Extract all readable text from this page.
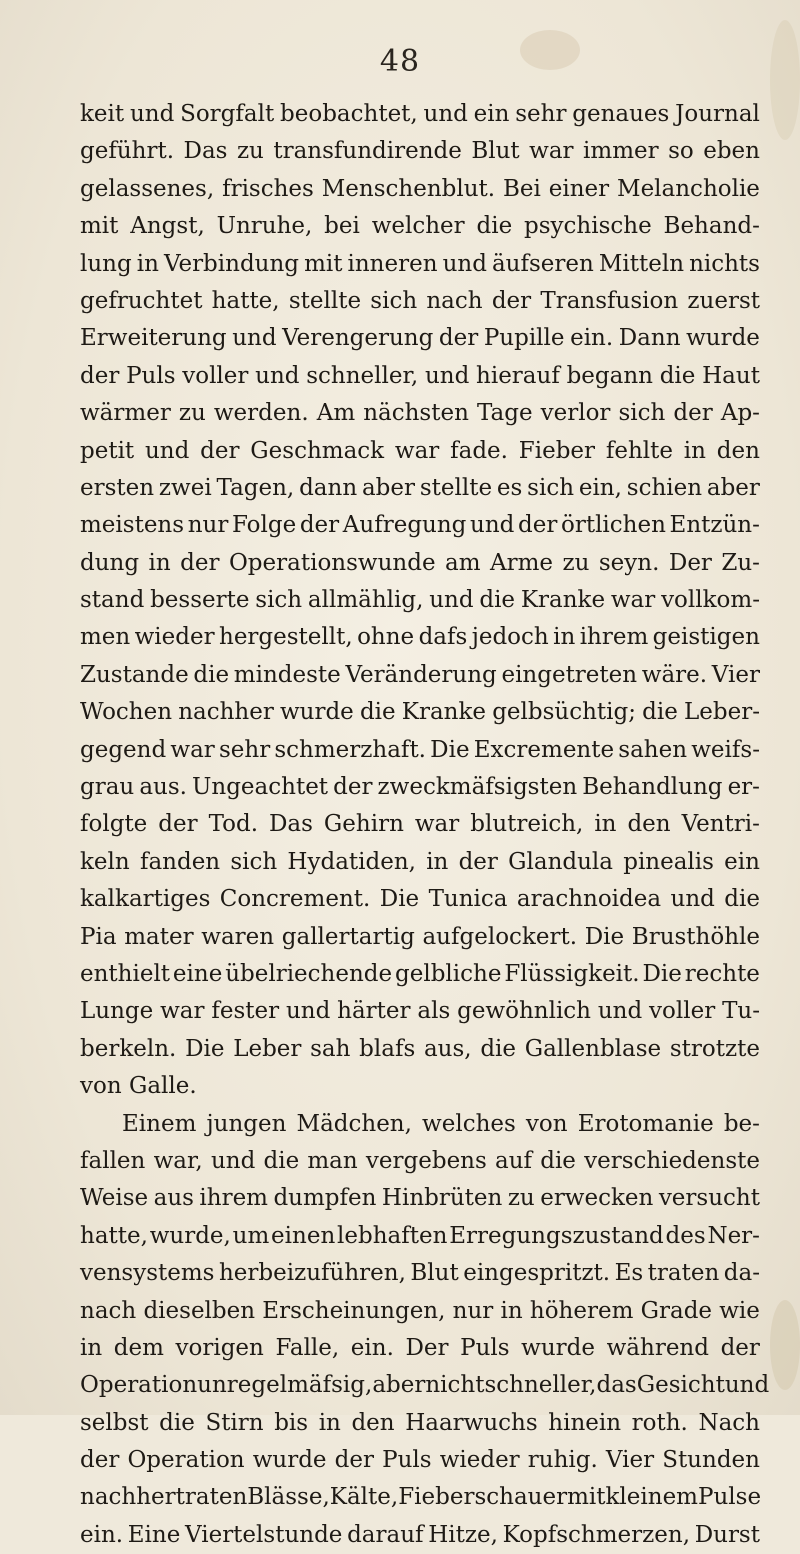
48
keit und Sorgfalt beobachtet, und ein sehr genaues Journal
geführt. Das zu transfundirende Blut war immer so eben
gelassenes, frisches Menschenblut. Bei einer Melancholie
mit Angst, Unruhe, bei welcher die psychische Behand-
lung in Verbindung mit inneren und äufseren Mitteln nichts
gefruchtet hatte, stellte sich nach der Transfusion zuerst
Erweiterung und Verengerung der Pupille ein. Dann wurde
der Puls voller und schneller, und hierauf begann die Haut
wärmer zu werden. Am nächsten Tage verlor sich der Ap-
petit und der Geschmack war fade. Fieber fehlte in den
ersten zwei Tagen, dann aber stellte es sich ein, schien aber
meistens nur Folge der Aufregung und der örtlichen Entzün-
dung in der Operationswunde am Arme zu seyn. Der Zu-
stand besserte sich allmählig, und die Kranke war vollkom-
men wieder hergestellt, ohne dafs jedoch in ihrem geistigen
Zustande die mindeste Veränderung eingetreten wäre. Vier
Wochen nachher wurde die Kranke gelbsüchtig; die Leber-
gegend war sehr schmerzhaft. Die Excremente sahen weifs-
grau aus. Ungeachtet der zweckmäfsigsten Behandlung er-
folgte der Tod. Das Gehirn war blutreich, in den Ventri-
keln fanden sich Hydatiden, in der Glandula pinealis ein
kalkartiges Concrement. Die Tunica arachnoidea und die
Pia mater waren gallertartig aufgelockert. Die Brusthöhle
enthielt eine übelriechende gelbliche Flüssigkeit. Die rechte
Lunge war fester und härter als gewöhnlich und voller Tu-
berkeln. Die Leber sah blafs aus, die Gallenblase strotzte
von Galle.
Einem jungen Mädchen, welches von Erotomanie be-
fallen war, und die man vergebens auf die verschiedenste
Weise aus ihrem dumpfen Hinbrüten zu erwecken versucht
hatte, wurde, um einen lebhaften Erregungszustand des Ner-
vensystems herbeizuführen, Blut eingespritzt. Es traten da-
nach dieselben Erscheinungen, nur in höherem Grade wie
in dem vorigen Falle, ein. Der Puls wurde während der
Operation unregelmäfsig, aber nicht schneller, das Gesicht und
selbst die Stirn bis in den Haarwuchs hinein roth. Nach
der Operation wurde der Puls wieder ruhig. Vier Stunden
nachher traten Blässe, Kälte, Fieberschauer mit kleinem Pulse
ein. Eine Viertelstunde darauf Hitze, Kopfschmerzen, Durst
